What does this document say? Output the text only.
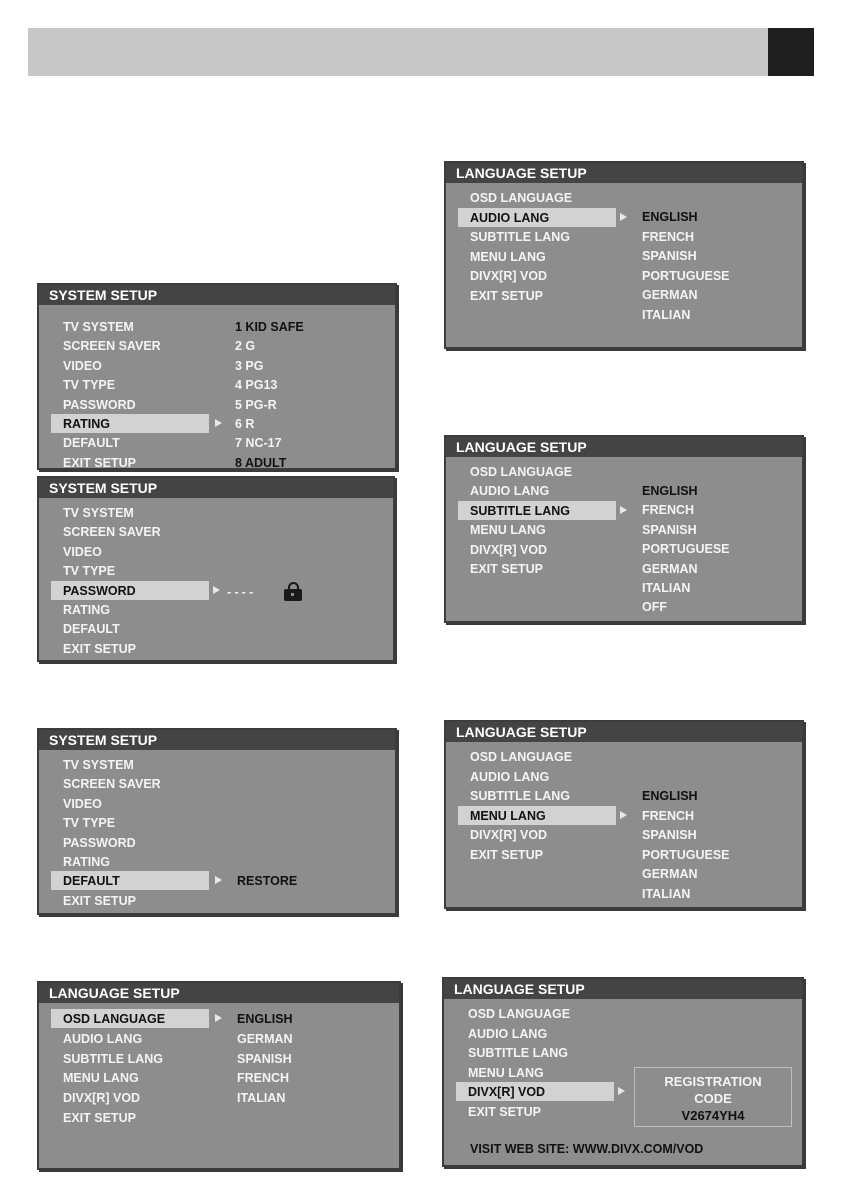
SYSTEM SETUP
TV SYSTEM
SCREEN SAVER
VIDEO
TV TYPE
PASSWORD
RATING
DEFAULT
EXIT SETUP
1 KID SAFE
2 G
3 PG
4 PG13
5 PG-R
6 R
7 NC-17
8 ADULT
SYSTEM SETUP
TV SYSTEM
SCREEN SAVER
VIDEO
TV TYPE
PASSWORD
RATING
DEFAULT
EXIT SETUP
----
SYSTEM SETUP
TV SYSTEM
SCREEN SAVER
VIDEO
TV TYPE
PASSWORD
RATING
DEFAULT
EXIT SETUP
RESTORE
LANGUAGE SETUP
OSD LANGUAGE
AUDIO LANG
SUBTITLE LANG
MENU LANG
DIVX[R] VOD
EXIT SETUP
ENGLISH
GERMAN
SPANISH
FRENCH
ITALIAN
LANGUAGE SETUP
OSD LANGUAGE
AUDIO LANG
SUBTITLE LANG
MENU LANG
DIVX[R] VOD
EXIT SETUP
ENGLISH
FRENCH
SPANISH
PORTUGUESE
GERMAN
ITALIAN
LANGUAGE SETUP
OSD LANGUAGE
AUDIO LANG
SUBTITLE LANG
MENU LANG
DIVX[R] VOD
EXIT SETUP
ENGLISH
FRENCH
SPANISH
PORTUGUESE
GERMAN
ITALIAN
OFF
LANGUAGE SETUP
OSD LANGUAGE
AUDIO LANG
SUBTITLE LANG
MENU LANG
DIVX[R] VOD
EXIT SETUP
ENGLISH
FRENCH
SPANISH
PORTUGUESE
GERMAN
ITALIAN
LANGUAGE SETUP
OSD LANGUAGE
AUDIO LANG
SUBTITLE LANG
MENU LANG
DIVX[R] VOD
EXIT SETUP
REGISTRATION
CODE
V2674YH4
VISIT WEB SITE: WWW.DIVX.COM/VOD
